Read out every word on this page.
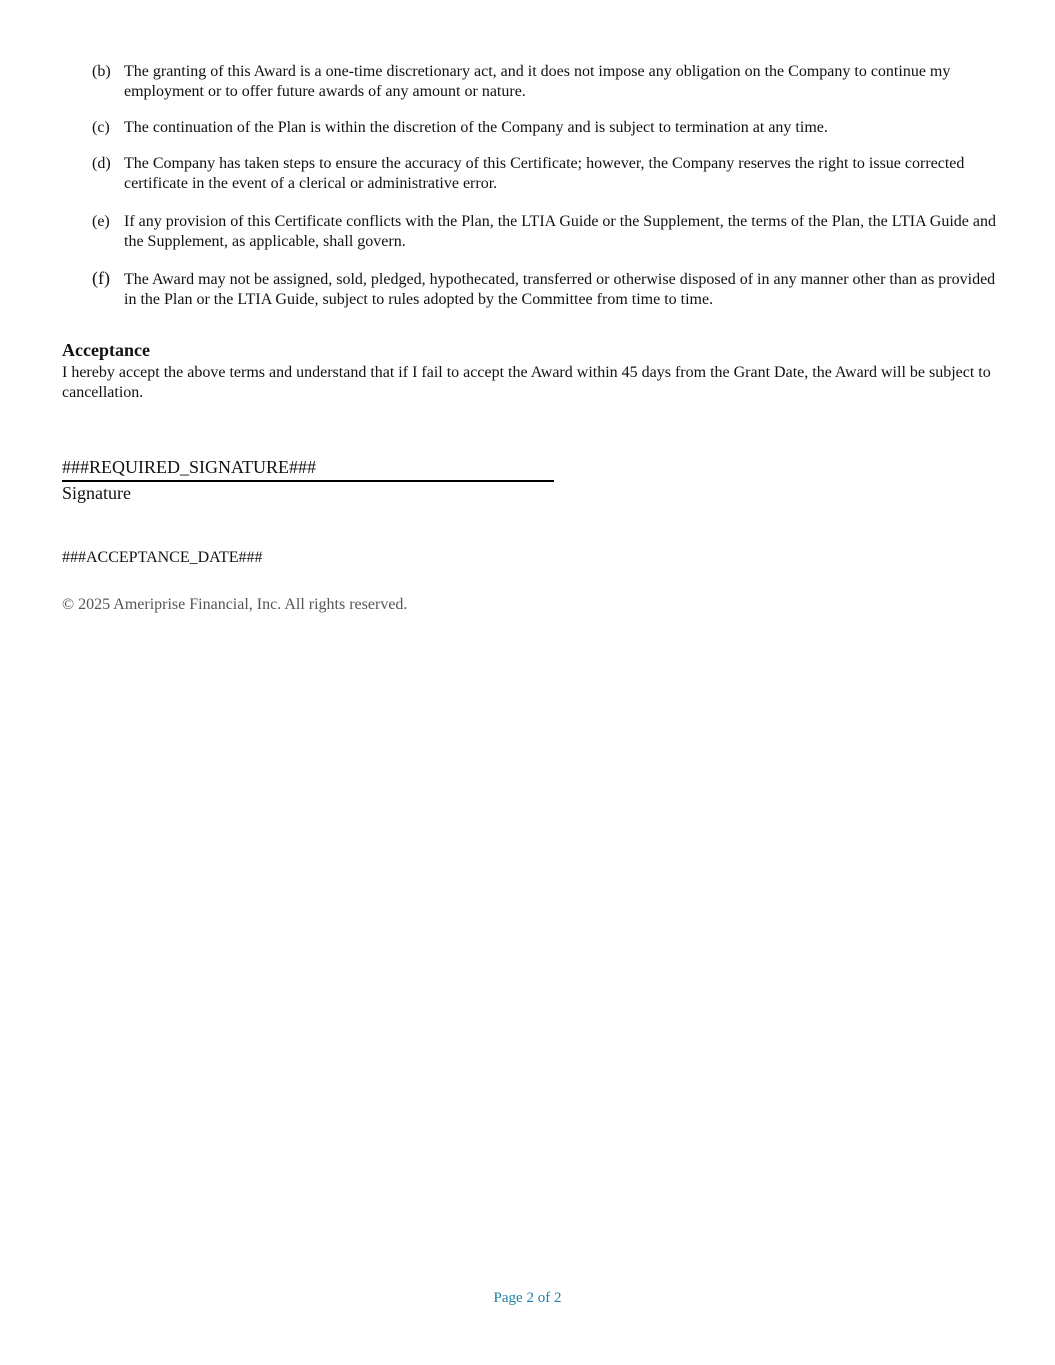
(b) The granting of this Award is a one-time discretionary act, and it does not impose any obligation on the Company to continue my employment or to offer future awards of any amount or nature.
(c) The continuation of the Plan is within the discretion of the Company and is subject to termination at any time.
(d) The Company has taken steps to ensure the accuracy of this Certificate; however, the Company reserves the right to issue corrected certificate in the event of a clerical or administrative error.
(e) If any provision of this Certificate conflicts with the Plan, the LTIA Guide or the Supplement, the terms of the Plan, the LTIA Guide and the Supplement, as applicable, shall govern.
(f) The Award may not be assigned, sold, pledged, hypothecated, transferred or otherwise disposed of in any manner other than as provided in the Plan or the LTIA Guide, subject to rules adopted by the Committee from time to time.
Acceptance

I hereby accept the above terms and understand that if I fail to accept the Award within 45 days from the Grant Date, the Award will be subject to cancellation.

###REQUIRED_SIGNATURE###
Signature
###ACCEPTANCE_DATE###
© 2025 Ameriprise Financial, Inc. All rights reserved.
Page 2 of 2
